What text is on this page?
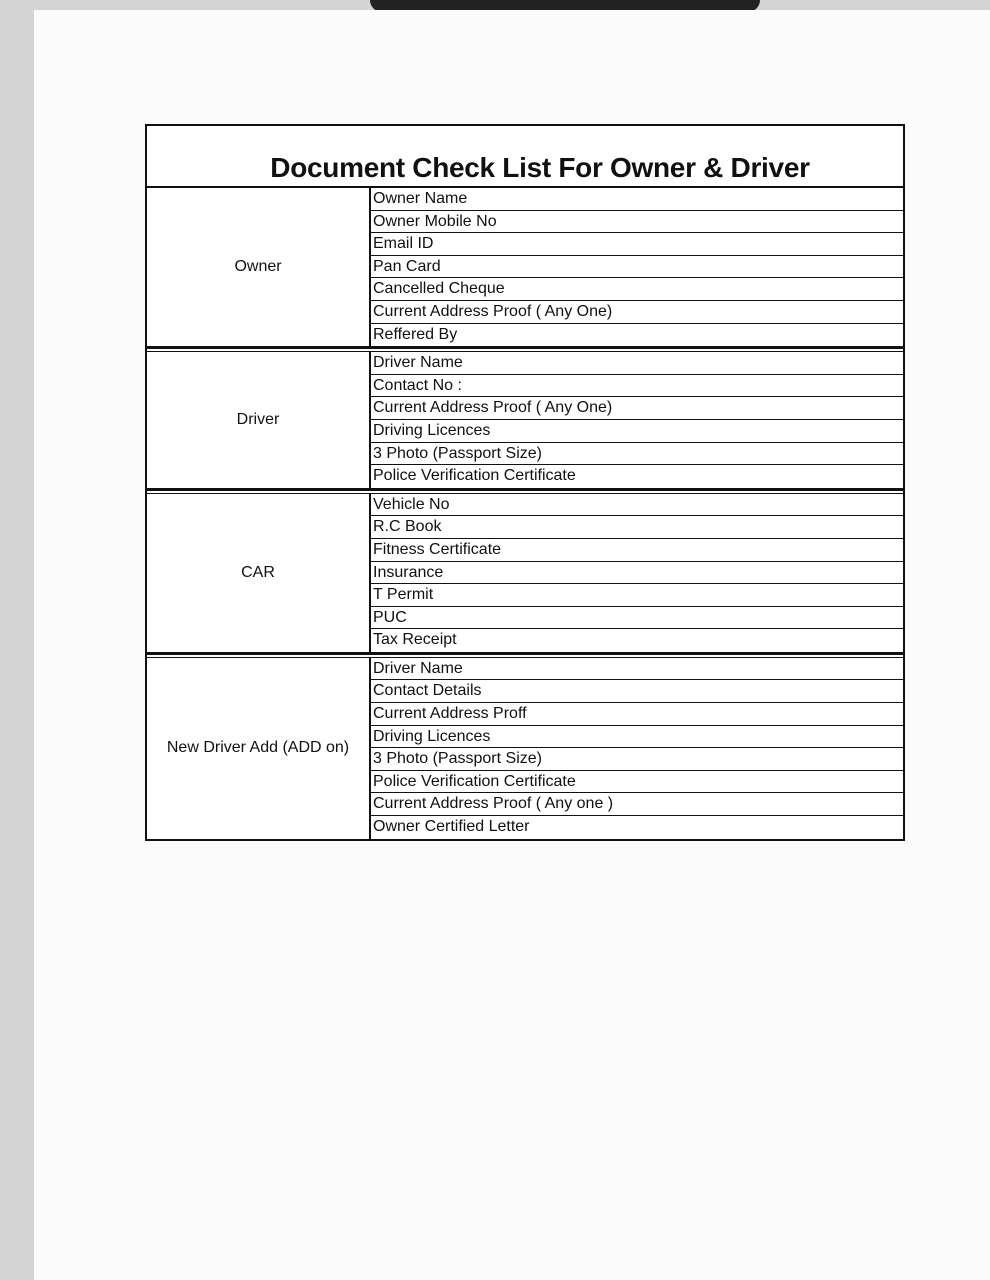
Document Check List For Owner & Driver
Owner
Owner Name
Owner Mobile No
Email ID
Pan Card
Cancelled Cheque
Current Address Proof ( Any One)
Reffered By
Driver
Driver Name
Contact No :
Current Address Proof ( Any One)
Driving Licences
3 Photo (Passport Size)
Police Verification Certificate
CAR
Vehicle No
R.C Book
Fitness Certificate
Insurance
T Permit
PUC
Tax Receipt
New Driver Add (ADD on)
Driver Name
Contact Details
Current Address Proff
Driving Licences
3 Photo (Passport Size)
Police Verification Certificate
Current Address Proof ( Any one )
Owner Certified Letter
